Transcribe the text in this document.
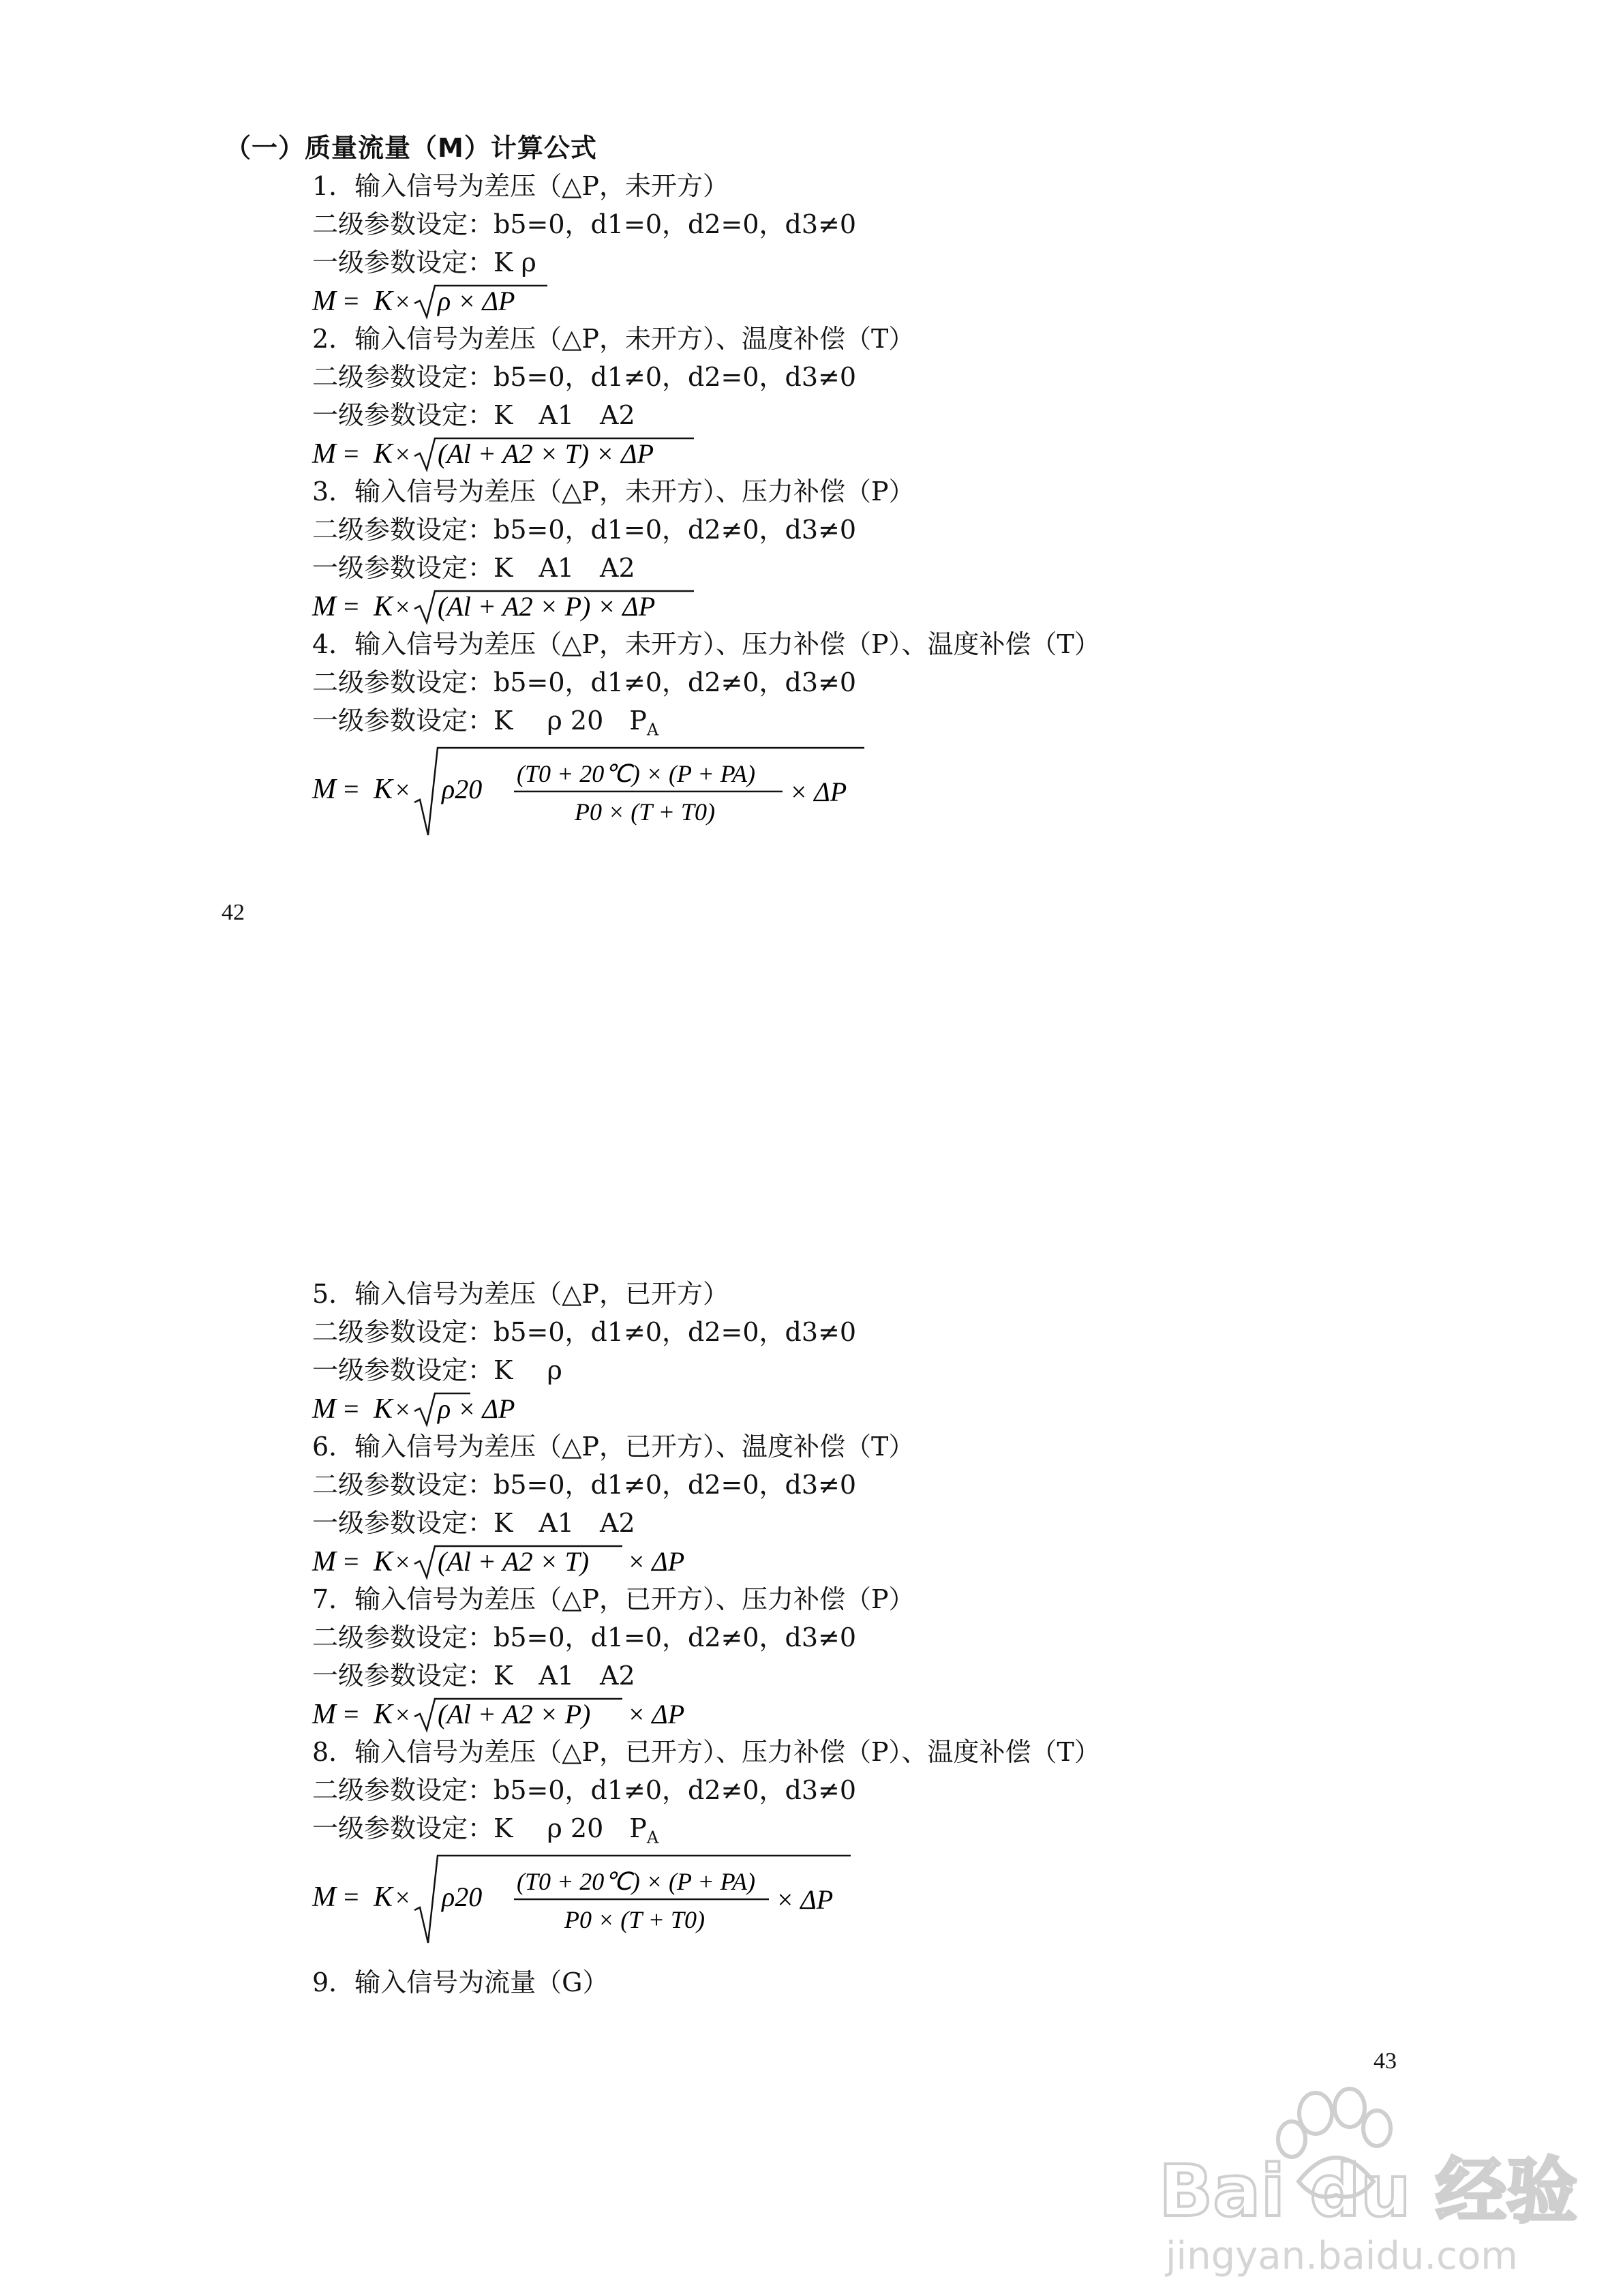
（一）质量流量（M）计算公式
1．输入信号为差压（△P，未开方）
二级参数设定：b5=0，d1=0，d2=0，d3≠0
一级参数设定：K ρ
M = K × ρ × ΔP
2．输入信号为差压（△P，未开方）、温度补偿（T）
二级参数设定：b5=0，d1≠0，d2=0，d3≠0
一级参数设定：K　A1　A2
M = K × (Al + A2 × T) × ΔP
3．输入信号为差压（△P，未开方）、压力补偿（P）
二级参数设定：b5=0，d1=0，d2≠0，d3≠0
一级参数设定：K　A1　A2
M = K × (Al + A2 × P) × ΔP
4．输入信号为差压（△P，未开方）、压力补偿（P）、温度补偿（T）
二级参数设定：b5=0，d1≠0，d2≠0，d3≠0
一级参数设定：K　 ρ 20　$P_A$
M = K × ρ20 (T0 + 20℃) × (P + PA)
P0 × (T + T0)
× ΔP
42
5．输入信号为差压（△P，已开方）
二级参数设定：b5=0，d1≠0，d2=0，d3≠0
一级参数设定：K　 ρ
M = K × ρ × ΔP
6．输入信号为差压（△P，已开方）、温度补偿（T）
二级参数设定：b5=0，d1≠0，d2=0，d3≠0
一级参数设定：K　A1　A2
M = K × (Al + A2 × T) × ΔP
7．输入信号为差压（△P，已开方）、压力补偿（P）
二级参数设定：b5=0，d1=0，d2≠0，d3≠0
一级参数设定：K　A1　A2
M = K × (Al + A2 × P) × ΔP
8．输入信号为差压（△P，已开方）、压力补偿（P）、温度补偿（T）
二级参数设定：b5=0，d1≠0，d2≠0，d3≠0
一级参数设定：K　 ρ 20　$P_A$
M = K × ρ20 (T0 + 20℃) × (P + PA)
P0 × (T + T0)
× ΔP
9．输入信号为流量（G）
43
Bai du 经验
jingyan.baidu.com
